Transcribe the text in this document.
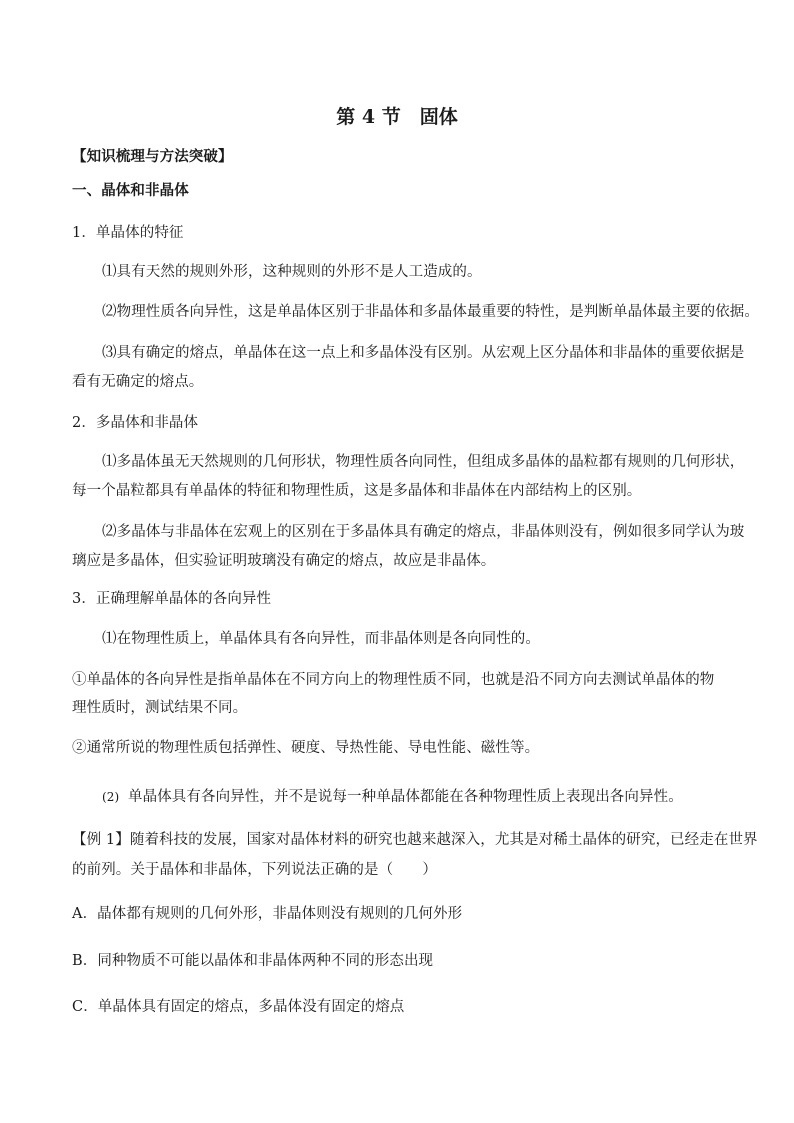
第 4 节　固体
【知识梳理与方法突破】
一、晶体和非晶体
1．单晶体的特征
⑴具有天然的规则外形，这种规则的外形不是人工造成的。
⑵物理性质各向异性，这是单晶体区别于非晶体和多晶体最重要的特性，是判断单晶体最主要的依据。
⑶具有确定的熔点，单晶体在这一点上和多晶体没有区别。从宏观上区分晶体和非晶体的重要依据是
看有无确定的熔点。
2．多晶体和非晶体
⑴多晶体虽无天然规则的几何形状，物理性质各向同性，但组成多晶体的晶粒都有规则的几何形状，
每一个晶粒都具有单晶体的特征和物理性质，这是多晶体和非晶体在内部结构上的区别。
⑵多晶体与非晶体在宏观上的区别在于多晶体具有确定的熔点，非晶体则没有，例如很多同学认为玻
璃应是多晶体，但实验证明玻璃没有确定的熔点，故应是非晶体。
3．正确理解单晶体的各向异性
⑴在物理性质上，单晶体具有各向异性，而非晶体则是各向同性的。
①单晶体的各向异性是指单晶体在不同方向上的物理性质不同，也就是沿不同方向去测试单晶体的物
理性质时，测试结果不同。
②通常所说的物理性质包括弹性、硬度、导热性能、导电性能、磁性等。
(2) 单晶体具有各向异性，并不是说每一种单晶体都能在各种物理性质上表现出各向异性。
【例 1】随着科技的发展，国家对晶体材料的研究也越来越深入，尤其是对稀土晶体的研究，已经走在世界
的前列。关于晶体和非晶体，下列说法正确的是（　　）
A．晶体都有规则的几何外形，非晶体则没有规则的几何外形
B．同种物质不可能以晶体和非晶体两种不同的形态出现
C．单晶体具有固定的熔点，多晶体没有固定的熔点
